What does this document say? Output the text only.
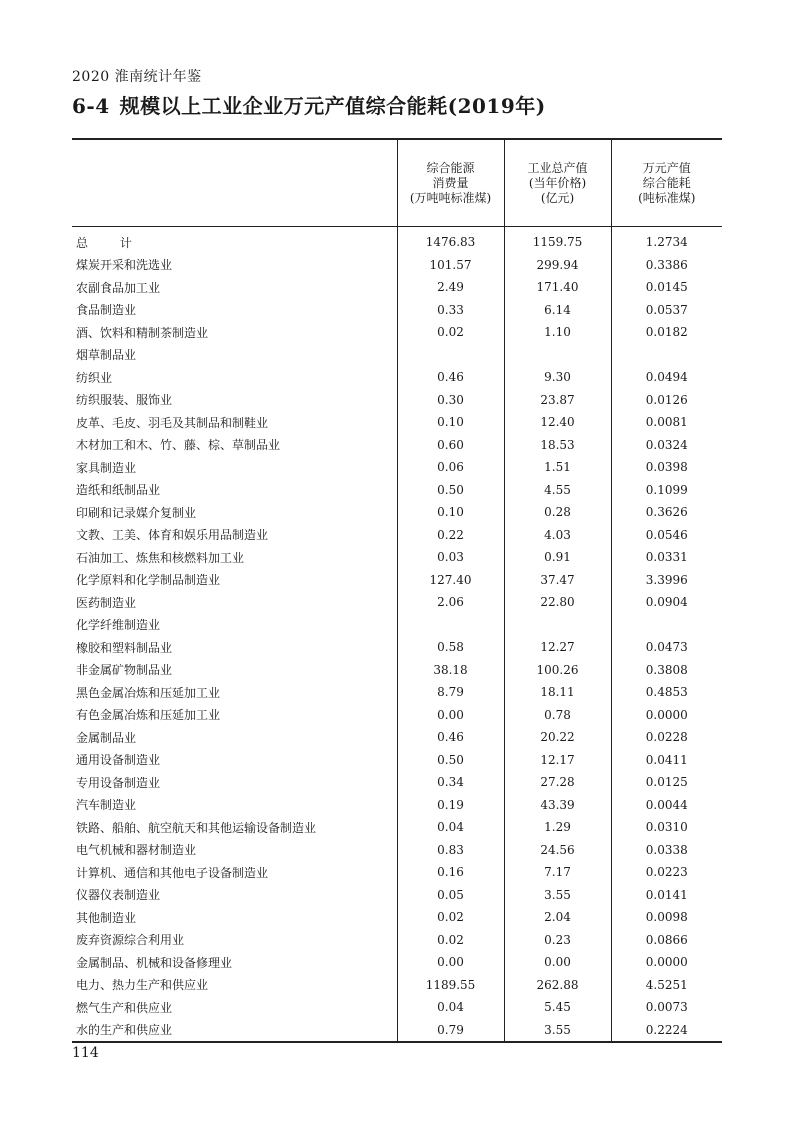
2020 淮南统计年鉴
6-4 规模以上工业企业万元产值综合能耗(2019年)

	综合能源
消费量
(万吨吨标准煤)	工业总产值
(当年价格)
(亿元)	万元产值
综合能耗
(吨标准煤)

总 计	1476.83	1159.75	1.2734
煤炭开采和洗选业	101.57	299.94	0.3386
农副食品加工业	2.49	171.40	0.0145
食品制造业	0.33	6.14	0.0537
酒、饮料和精制茶制造业	0.02	1.10	0.0182
烟草制品业			
纺织业	0.46	9.30	0.0494
纺织服装、服饰业	0.30	23.87	0.0126
皮革、毛皮、羽毛及其制品和制鞋业	0.10	12.40	0.0081
木材加工和木、竹、藤、棕、草制品业	0.60	18.53	0.0324
家具制造业	0.06	1.51	0.0398
造纸和纸制品业	0.50	4.55	0.1099
印刷和记录媒介复制业	0.10	0.28	0.3626
文教、工美、体育和娱乐用品制造业	0.22	4.03	0.0546
石油加工、炼焦和核燃料加工业	0.03	0.91	0.0331
化学原料和化学制品制造业	127.40	37.47	3.3996
医药制造业	2.06	22.80	0.0904
化学纤维制造业			
橡胶和塑料制品业	0.58	12.27	0.0473
非金属矿物制品业	38.18	100.26	0.3808
黑色金属冶炼和压延加工业	8.79	18.11	0.4853
有色金属冶炼和压延加工业	0.00	0.78	0.0000
金属制品业	0.46	20.22	0.0228
通用设备制造业	0.50	12.17	0.0411
专用设备制造业	0.34	27.28	0.0125
汽车制造业	0.19	43.39	0.0044
铁路、船舶、航空航天和其他运输设备制造业	0.04	1.29	0.0310
电气机械和器材制造业	0.83	24.56	0.0338
计算机、通信和其他电子设备制造业	0.16	7.17	0.0223
仪器仪表制造业	0.05	3.55	0.0141
其他制造业	0.02	2.04	0.0098
废弃资源综合利用业	0.02	0.23	0.0866
金属制品、机械和设备修理业	0.00	0.00	0.0000
电力、热力生产和供应业	1189.55	262.88	4.5251
燃气生产和供应业	0.04	5.45	0.0073
水的生产和供应业	0.79	3.55	0.2224
114
